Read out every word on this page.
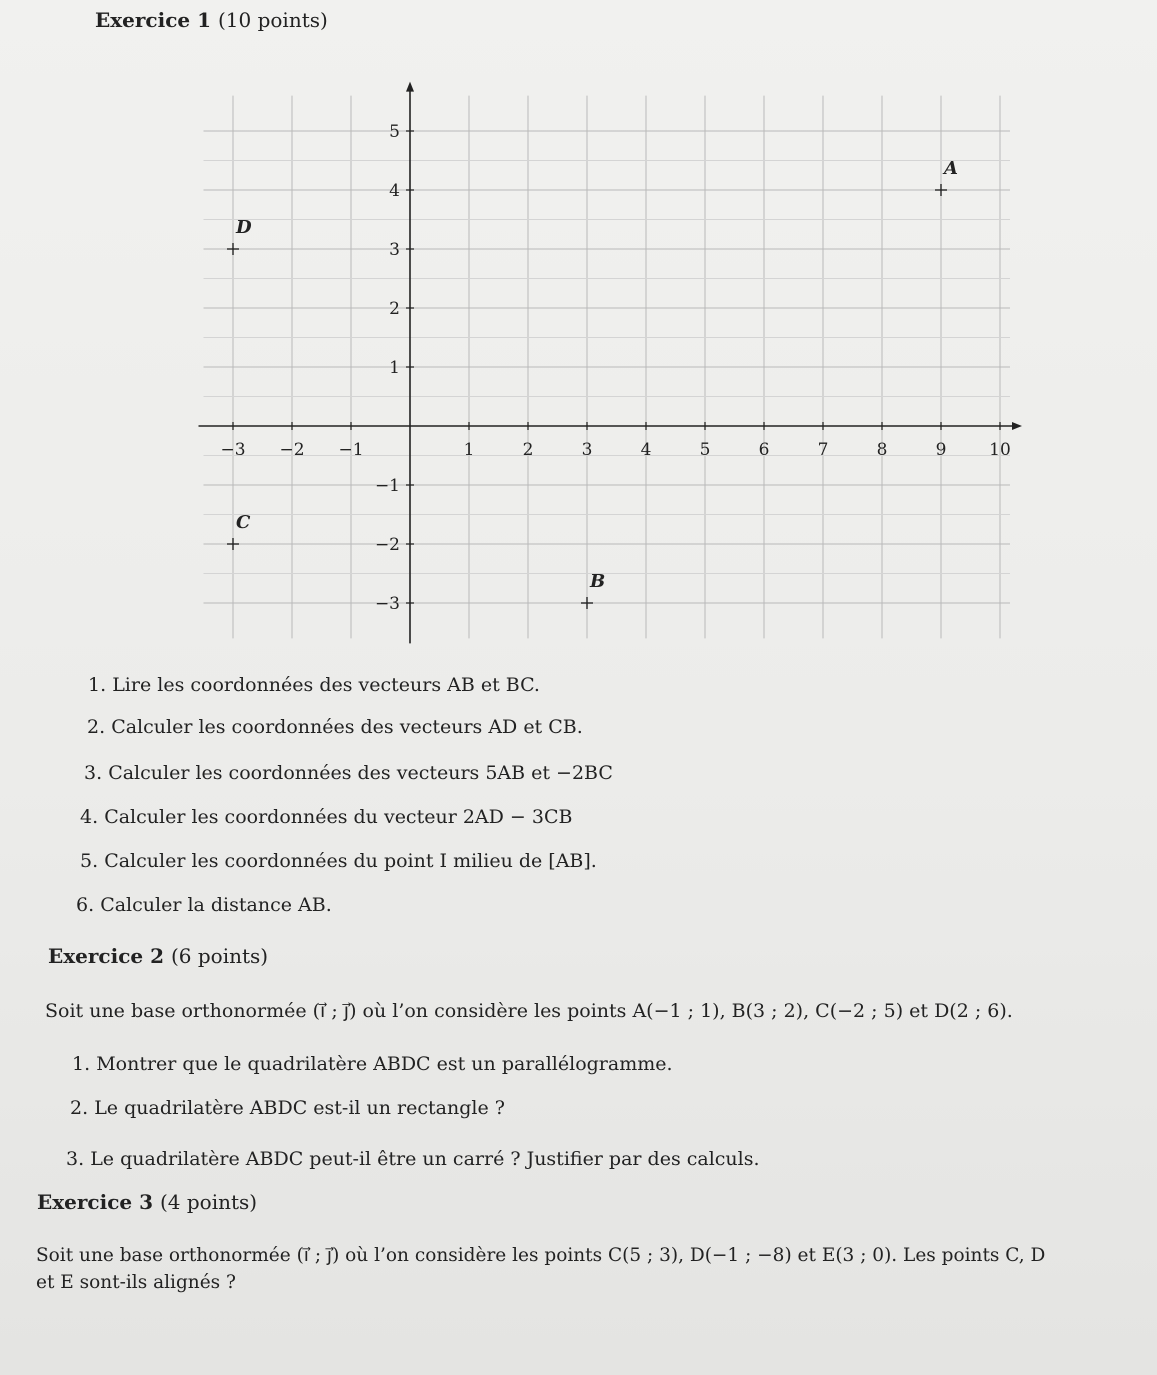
Exercice 1 (10 points)
−3 −2 −1	1	2	3	4	5	6	7	8	9	10
5
4
3
2
1
−1
−2
−3
A
B
C
D
1. Lire les coordonnées des vecteurs AB et BC.
2. Calculer les coordonnées des vecteurs AD et CB.
3. Calculer les coordonnées des vecteurs 5AB et −2BC
4. Calculer les coordonnées du vecteur 2AD − 3CB
5. Calculer les coordonnées du point I milieu de [AB].
6. Calculer la distance AB.
Exercice 2 (6 points)
Soit une base orthonormée (i⃗ ; j⃗) où l’on considère les points A(−1 ; 1), B(3 ; 2), C(−2 ; 5) et D(2 ; 6).
1. Montrer que le quadrilatère ABDC est un parallélogramme.
2. Le quadrilatère ABDC est-il un rectangle ?
3. Le quadrilatère ABDC peut-il être un carré ? Justifier par des calculs.
Exercice 3 (4 points)
Soit une base orthonormée (i⃗ ; j⃗) où l’on considère les points C(5 ; 3), D(−1 ; −8) et E(3 ; 0). Les points C, D
et E sont-ils alignés ?
